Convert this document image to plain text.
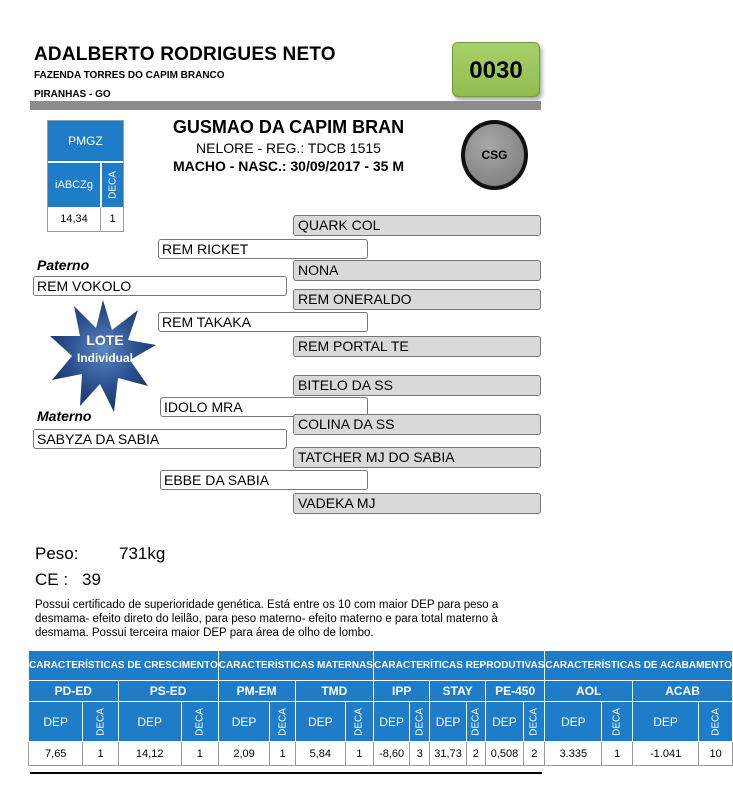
ADALBERTO RODRIGUES NETO
FAZENDA TORRES DO CAPIM BRANCO
PIRANHAS - GO
0030
PMGZ
iABCZg	DECA
14,34	1
GUSMAO DA CAPIM BRAN
NELORE - REG.: TDCB 1515
MACHO - NASC.: 30/09/2017 - 35 M
CSG
QUARK COL
REM RICKET
Paterno	NONA
REM VOKOLO
REM ONERALDO
REM TAKAKA
REM PORTAL TE
LOTE
Individual
BITELO DA SS
IDOLO MRA
Materno	COLINA DA SS
SABYZA DA SABIA
TATCHER MJ DO SABIA
EBBE DA SABIA
VADEKA MJ
Peso: 731kg
CE : 39
Possui certificado de superioridade genética. Está entre os 10 com maior DEP para peso a desmama- efeito direto do leilão, para peso materno- efeito materno e para total materno à desmama. Possui terceira maior DEP para área de olho de lombo.
CARACTERÍSTICAS DE CRESCIMENTO				CARACTERÍSTICAS MATERNAS				CARACTERÍTICAS REPRODUTIVAS						CARACTERÍSTICAS DE ACABAMENTO			
PD-ED		PS-ED		PM-EM		TMD		IPP		STAY		PE-450		AOL		ACAB	
DEP	DECA	DEP	DECA	DEP	DECA	DEP	DECA	DEP	DECA	DEP	DECA	DEP	DECA	DEP	DECA	DEP	DECA

7,65	1	14,12	1	2,09	1	5,84	1	-8,60	3	31,73	2	0,508	2	3.335	1	-1.041	10
